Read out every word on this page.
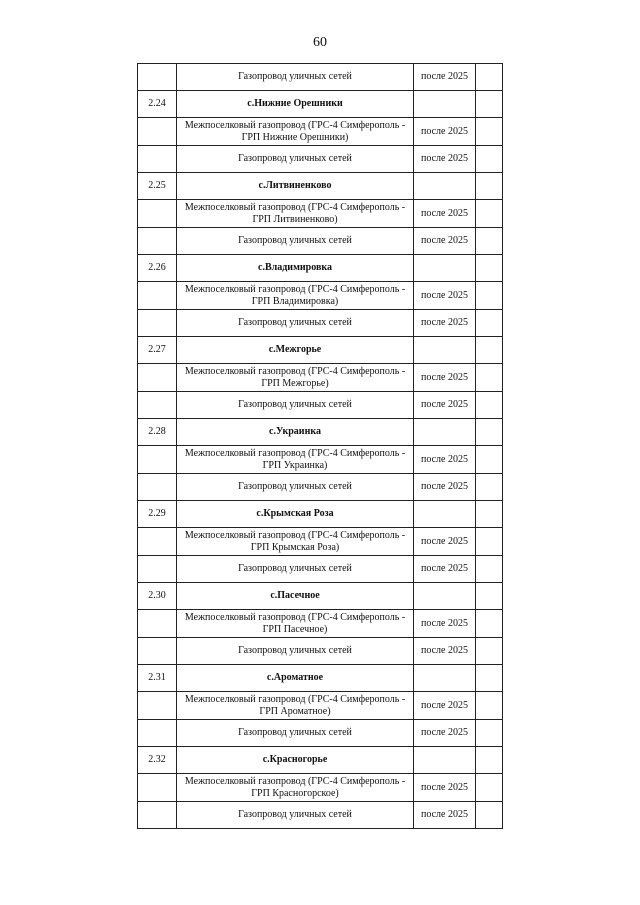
60
	Газопровод уличных сетей	после 2025	
2.24	с.Нижние Орешники		
	Межпоселковый газопровод (ГРС-4 Симферополь - ГРП Нижние Орешники)	после 2025	
	Газопровод уличных сетей	после 2025	
2.25	с.Литвиненково		
	Межпоселковый газопровод (ГРС-4 Симферополь - ГРП Литвиненково)	после 2025	
	Газопровод уличных сетей	после 2025	
2.26	с.Владимировка		
	Межпоселковый газопровод (ГРС-4 Симферополь - ГРП Владимировка)	после 2025	
	Газопровод уличных сетей	после 2025	
2.27	с.Межгорье		
	Межпоселковый газопровод (ГРС-4 Симферополь - ГРП Межгорье)	после 2025	
	Газопровод уличных сетей	после 2025	
2.28	с.Украинка		
	Межпоселковый газопровод (ГРС-4 Симферополь - ГРП Украинка)	после 2025	
	Газопровод уличных сетей	после 2025	
2.29	с.Крымская Роза		
	Межпоселковый газопровод (ГРС-4 Симферополь - ГРП Крымская Роза)	после 2025	
	Газопровод уличных сетей	после 2025	
2.30	с.Пасечное		
	Межпоселковый газопровод (ГРС-4 Симферополь - ГРП Пасечное)	после 2025	
	Газопровод уличных сетей	после 2025	
2.31	с.Ароматное		
	Межпоселковый газопровод (ГРС-4 Симферополь - ГРП Ароматное)	после 2025	
	Газопровод уличных сетей	после 2025	
2.32	с.Красногорье		
	Межпоселковый газопровод (ГРС-4 Симферополь - ГРП Красногорское)	после 2025	
	Газопровод уличных сетей	после 2025	
